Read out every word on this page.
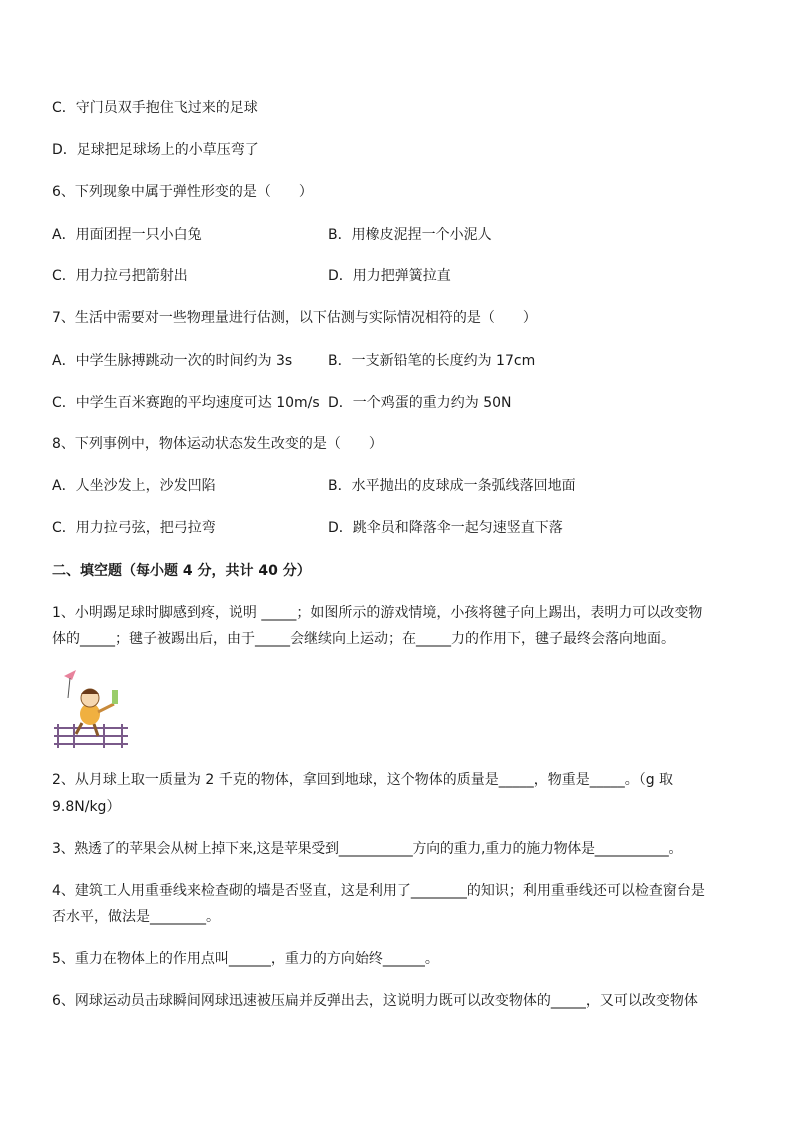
C．守门员双手抱住飞过来的足球
D．足球把足球场上的小草压弯了
6、下列现象中属于弹性形变的是（　　）
A．用面团捏一只小白兔	B．用橡皮泥捏一个小泥人
C．用力拉弓把箭射出	D．用力把弹簧拉直
7、生活中需要对一些物理量进行估测，以下估测与实际情况相符的是（　　）
A．中学生脉搏跳动一次的时间约为 3s	B．一支新铅笔的长度约为 17cm
C．中学生百米赛跑的平均速度可达 10m/s D．一个鸡蛋的重力约为 50N
8、下列事例中，物体运动状态发生改变的是（　　）
A．人坐沙发上，沙发凹陷	B．水平抛出的皮球成一条弧线落回地面
C．用力拉弓弦，把弓拉弯	D．跳伞员和降落伞一起匀速竖直下落
二、填空题（每小题 4 分，共计 40 分）
1、小明踢足球时脚感到疼，说明 _____；如图所示的游戏情境，小孩将毽子向上踢出，表明力可以改变物
体的_____；毽子被踢出后，由于_____会继续向上运动；在_____力的作用下，毽子最终会落向地面。
2、从月球上取一质量为 2 千克的物体，拿回到地球，这个物体的质量是_____，物重是_____。（g 取
9.8N/kg）
3、熟透了的苹果会从树上掉下来,这是苹果受到___________方向的重力,重力的施力物体是___________。
4、建筑工人用重垂线来检查砌的墙是否竖直，这是利用了________的知识；利用重垂线还可以检查窗台是
否水平，做法是________。
5、重力在物体上的作用点叫______，重力的方向始终______。
6、网球运动员击球瞬间网球迅速被压扁并反弹出去，这说明力既可以改变物体的_____，又可以改变物体
